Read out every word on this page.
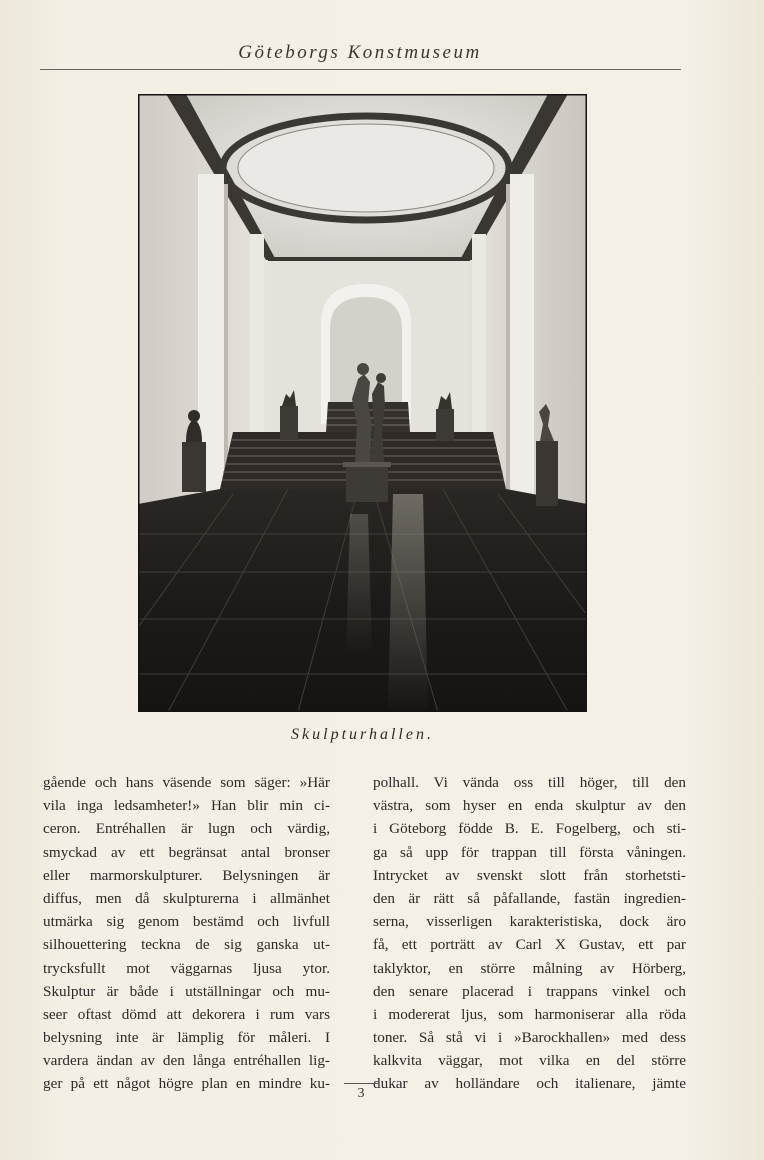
Göteborgs Konstmuseum
Skulpturhallen.
gående och hans väsende som säger: »Här
vila inga ledsamheter!» Han blir min ci-
ceron. Entréhallen är lugn och värdig,
smyckad av ett begränsat antal bronser
eller marmorskulpturer. Belysningen är
diffus, men då skulpturerna i allmänhet
utmärka sig genom bestämd och livfull
silhouettering teckna de sig ganska ut-
trycksfullt mot väggarnas ljusa ytor.
Skulptur är både i utställningar och mu-
seer oftast dömd att dekorera i rum vars
belysning inte är lämplig för måleri. I
vardera ändan av den långa entréhallen lig-
ger på ett något högre plan en mindre ku-
polhall. Vi vända oss till höger, till den
västra, som hyser en enda skulptur av den
i Göteborg födde B. E. Fogelberg, och sti-
ga så upp för trappan till första våningen.
Intrycket av svenskt slott från storhetsti-
den är rätt så påfallande, fastän ingredien-
serna, visserligen karakteristiska, dock äro
få, ett porträtt av Carl X Gustav, ett par
taklyktor, en större målning av Hörberg,
den senare placerad i trappans vinkel och
i modererat ljus, som harmoniserar alla röda
toner. Så stå vi i »Barockhallen» med dess
kalkvita väggar, mot vilka en del större
dukar av holländare och italienare, jämte
3
